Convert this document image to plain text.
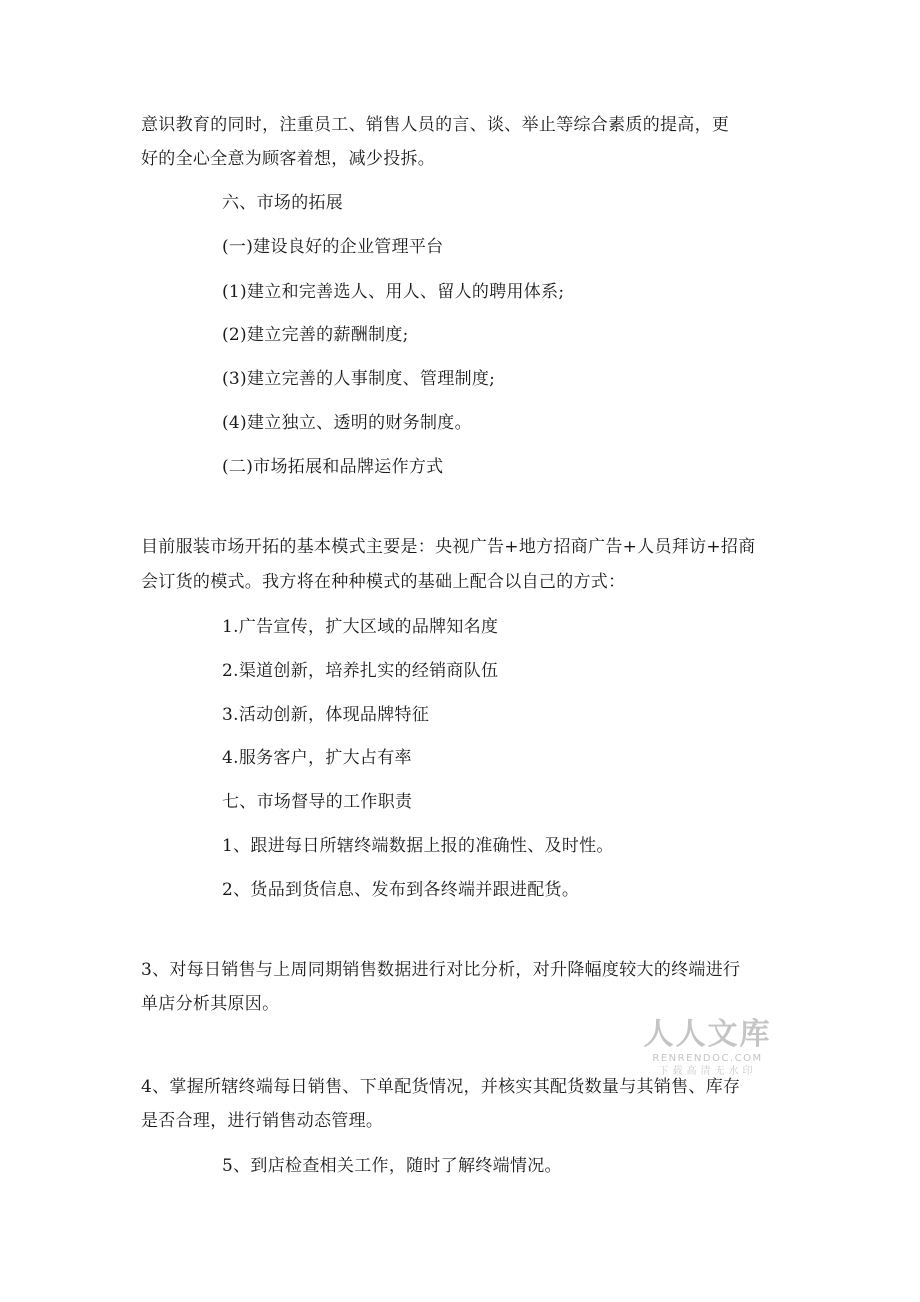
意识教育的同时，注重员工、销售人员的言、谈、举止等综合素质的提高，更
好的全心全意为顾客着想，减少投拆。
六、市场的拓展
(一)建设良好的企业管理平台
(1)建立和完善选人、用人、留人的聘用体系;
(2)建立完善的薪酬制度;
(3)建立完善的人事制度、管理制度;
(4)建立独立、透明的财务制度。
(二)市场拓展和品牌运作方式
目前服装市场开拓的基本模式主要是：央视广告+地方招商广告+人员拜访+招商
会订货的模式。我方将在种种模式的基础上配合以自己的方式：
1.广告宣传，扩大区域的品牌知名度
2.渠道创新，培养扎实的经销商队伍
3.活动创新，体现品牌特征
4.服务客户，扩大占有率
七、市场督导的工作职责
1、跟进每日所辖终端数据上报的准确性、及时性。
2、货品到货信息、发布到各终端并跟进配货。
3、对每日销售与上周同期销售数据进行对比分析，对升降幅度较大的终端进行
单店分析其原因。
4、掌握所辖终端每日销售、下单配货情况，并核实其配货数量与其销售、库存
是否合理，进行销售动态管理。
5、到店检查相关工作，随时了解终端情况。
人人文库
RENRENDOC.COM
下载高清无水印
